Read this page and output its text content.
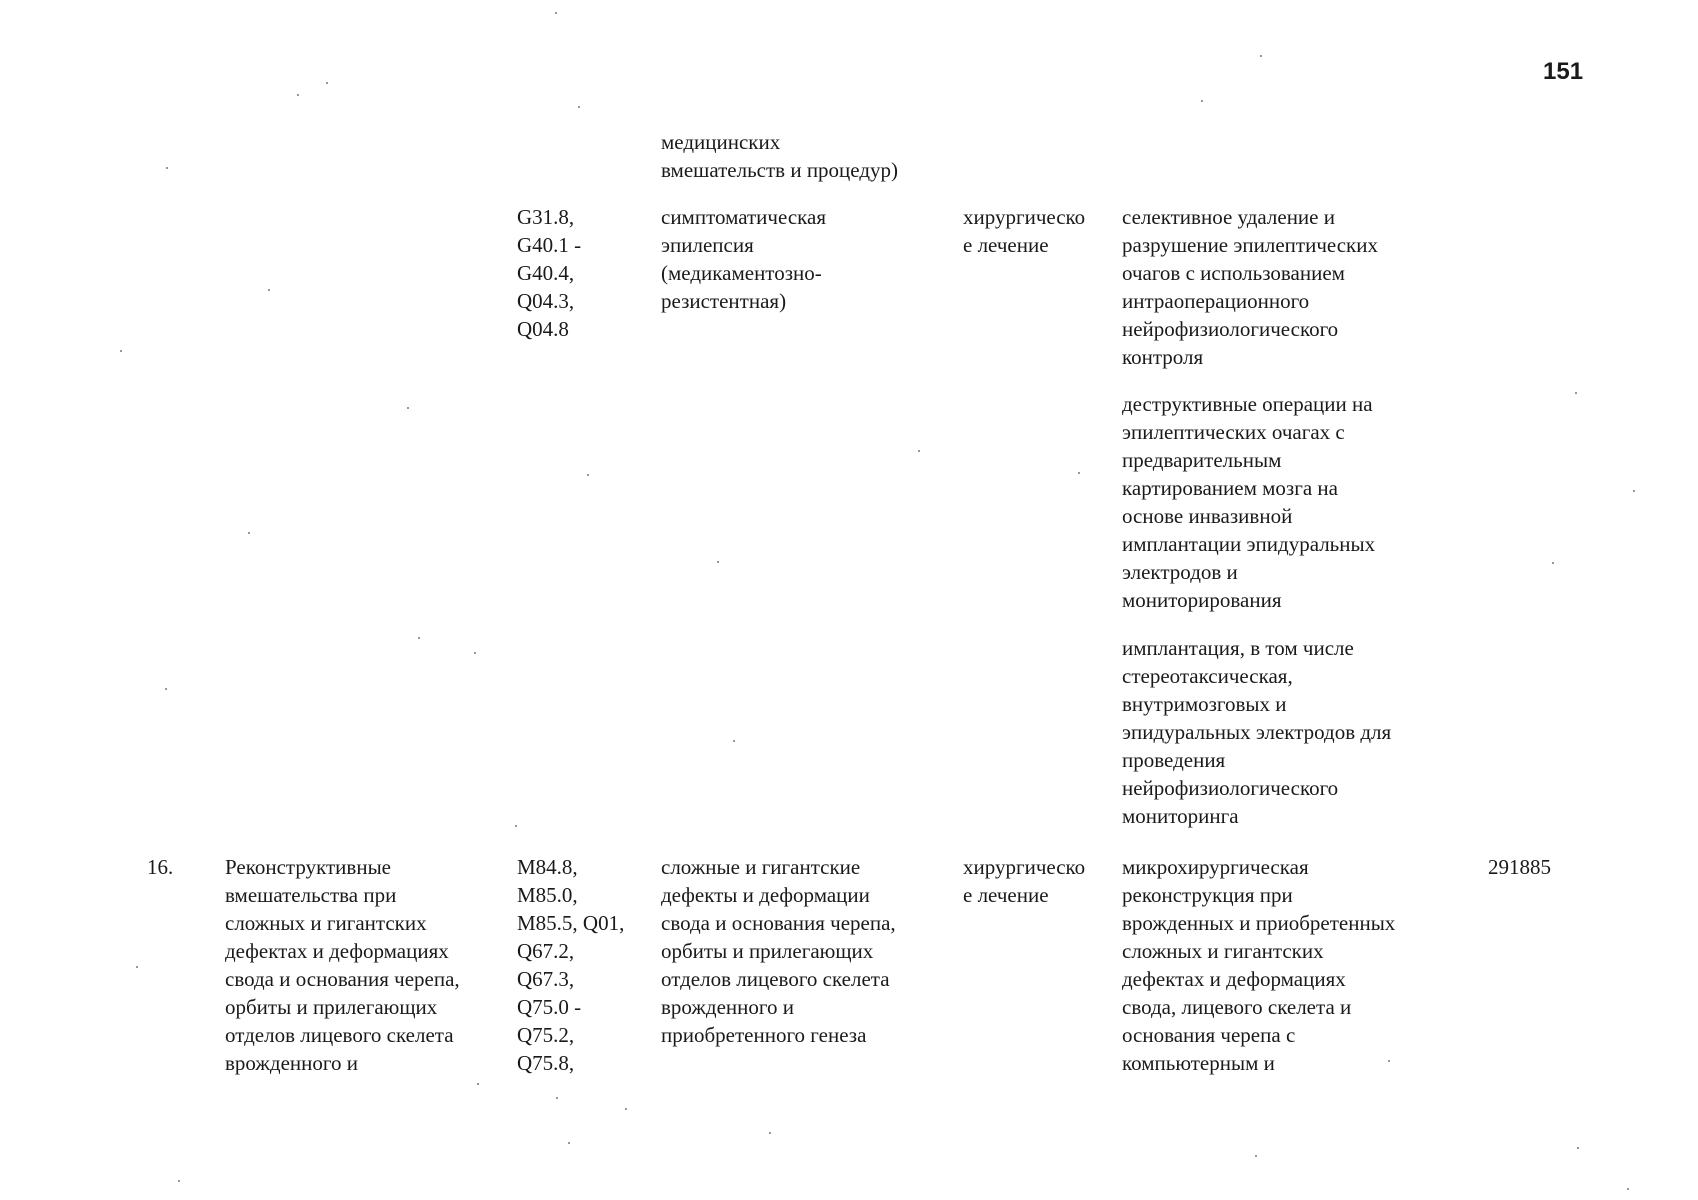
151
медицинских
вмешательств и процедур)
G31.8,
G40.1 -
G40.4,
Q04.3,
Q04.8
симптоматическая
эпилепсия
(медикаментозно-
резистентная)
хирургическо
е лечение
селективное удаление и
разрушение эпилептических
очагов с использованием
интраоперационного
нейрофизиологического
контроля
деструктивные операции на
эпилептических очагах с
предварительным
картированием мозга на
основе инвазивной
имплантации эпидуральных
электродов и
мониторирования
имплантация, в том числе
стереотаксическая,
внутримозговых и
эпидуральных электродов для
проведения
нейрофизиологического
мониторинга
16. Реконструктивные
вмешательства при
сложных и гигантских
дефектах и деформациях
свода и основания черепа,
орбиты и прилегающих
отделов лицевого скелета
врожденного и
M84.8,
M85.0,
M85.5, Q01,
Q67.2,
Q67.3,
Q75.0 -
Q75.2,
Q75.8,
сложные и гигантские
дефекты и деформации
свода и основания черепа,
орбиты и прилегающих
отделов лицевого скелета
врожденного и
приобретенного генеза
хирургическо
е лечение
микрохирургическая
реконструкция при
врожденных и приобретенных
сложных и гигантских
дефектах и деформациях
свода, лицевого скелета и
основания черепа с
компьютерным и
291885
